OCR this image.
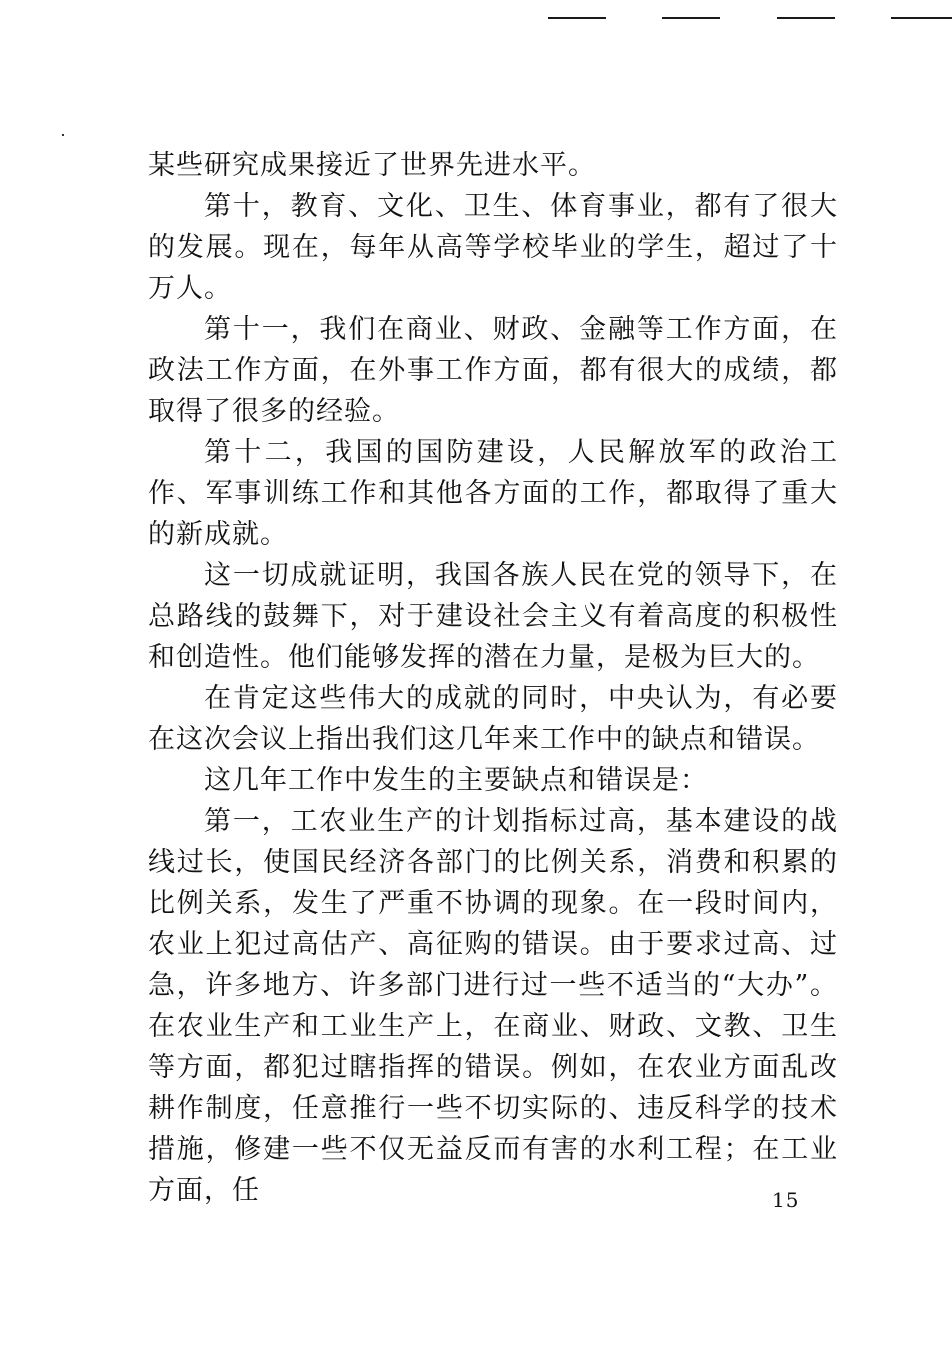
某些研究成果接近了世界先进水平。

第十，教育、文化、卫生、体育事业，都有了很大的发展。现在，每年从高等学校毕业的学生，超过了十万人。

第十一，我们在商业、财政、金融等工作方面，在政法工作方面，在外事工作方面，都有很大的成绩，都取得了很多的经验。

第十二，我国的国防建设，人民解放军的政治工作、军事训练工作和其他各方面的工作，都取得了重大的新成就。

这一切成就证明，我国各族人民在党的领导下，在总路线的鼓舞下，对于建设社会主义有着高度的积极性和创造性。他们能够发挥的潜在力量，是极为巨大的。

在肯定这些伟大的成就的同时，中央认为，有必要在这次会议上指出我们这几年来工作中的缺点和错误。

这几年工作中发生的主要缺点和错误是：

第一，工农业生产的计划指标过高，基本建设的战线过长，使国民经济各部门的比例关系，消费和积累的比例关系，发生了严重不协调的现象。在一段时间内，农业上犯过高估产、高征购的错误。由于要求过高、过急，许多地方、许多部门进行过一些不适当的“大办”。在农业生产和工业生产上，在商业、财政、文教、卫生等方面，都犯过瞎指挥的错误。例如，在农业方面乱改耕作制度，任意推行一些不切实际的、违反科学的技术措施，修建一些不仅无益反而有害的水利工程；在工业方面，任	15
